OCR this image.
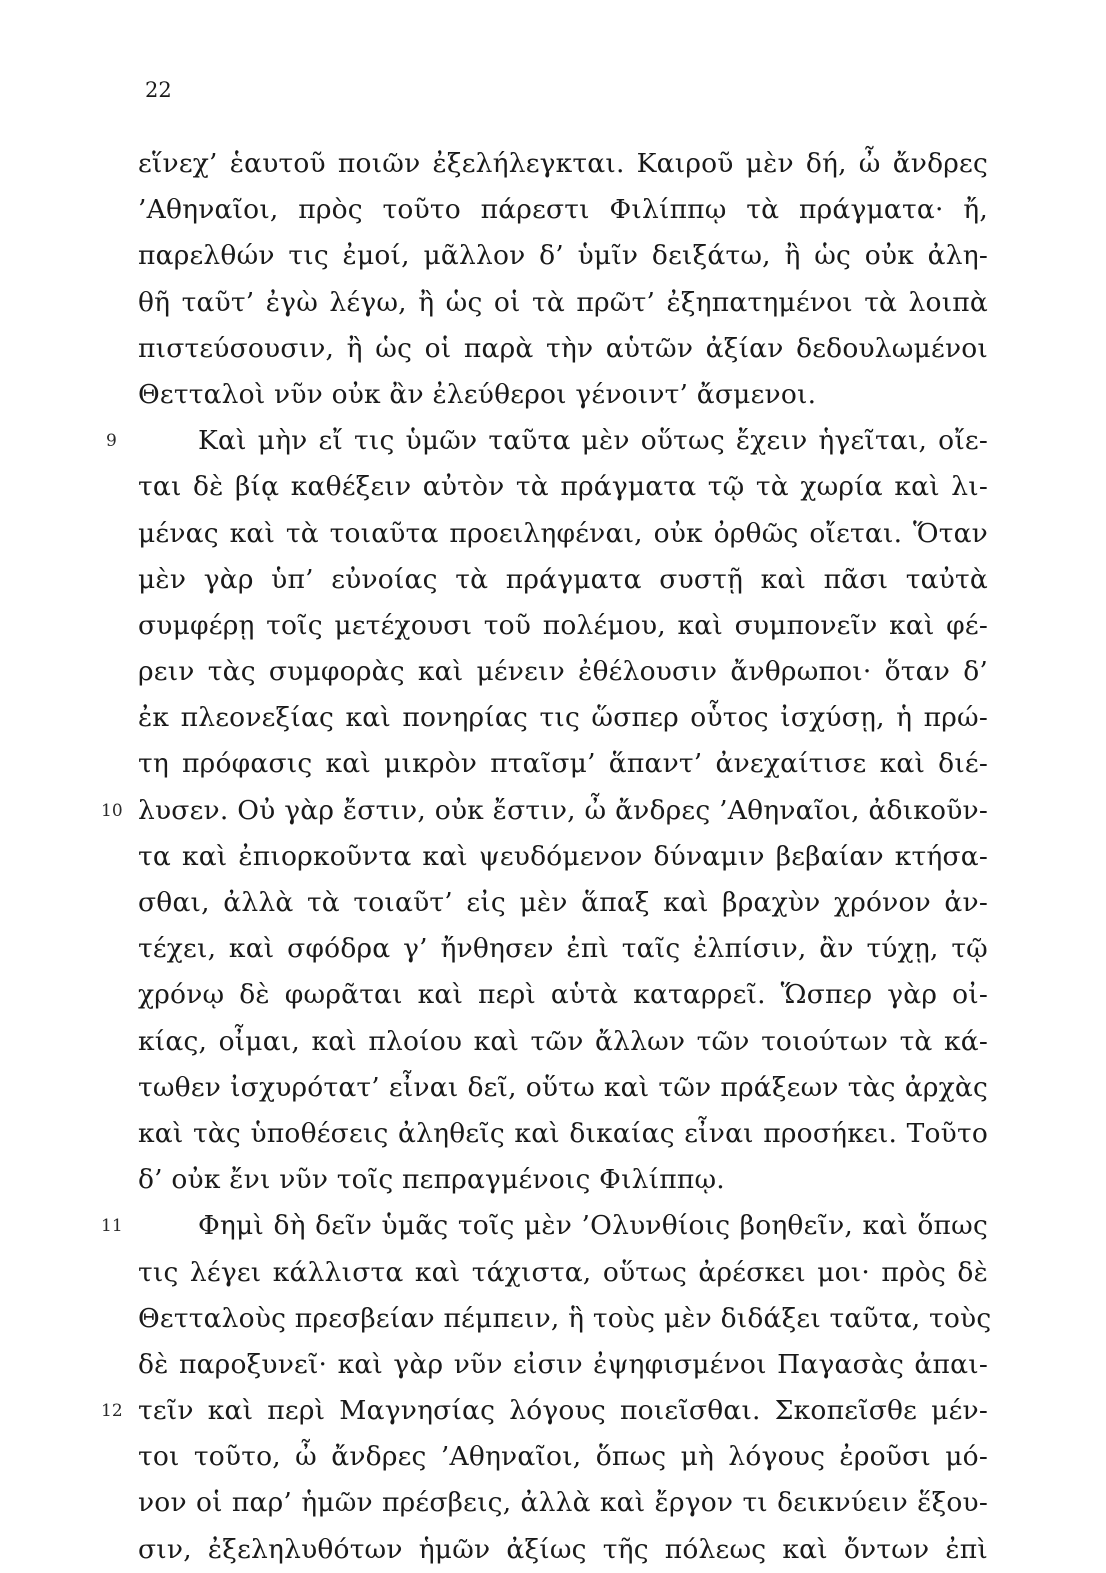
22
εἵνεχ’ ἑαυτοῦ ποιῶν ἐξελήλεγκται. Καιροῦ μὲν δή, ὦ ἄνδρες
’Αθηναῖοι, πρὸς τοῦτο πάρεστι Φιλίππῳ τὰ πράγματα· ἤ,
παρελθών τις ἐμοί, μᾶλλον δ’ ὑμῖν δειξάτω, ἢ ὡς οὐκ ἀλη-
θῆ ταῦτ’ ἐγὼ λέγω, ἢ ὡς οἱ τὰ πρῶτ’ ἐξηπατημένοι τὰ λοιπὰ
πιστεύσουσιν, ἢ ὡς οἱ παρὰ τὴν αὑτῶν ἀξίαν δεδουλωμένοι
Θετταλοὶ νῦν οὐκ ἂν ἐλεύθεροι γένοιντ’ ἄσμενοι.
9	Καὶ μὴν εἴ τις ὑμῶν ταῦτα μὲν οὕτως ἔχειν ἡγεῖται, οἴε-
ται δὲ βίᾳ καθέξειν αὐτὸν τὰ πράγματα τῷ τὰ χωρία καὶ λι-
μένας καὶ τὰ τοιαῦτα προειληφέναι, οὐκ ὀρθῶς οἴεται. Ὅταν
μὲν γὰρ ὑπ’ εὐνοίας τὰ πράγματα συστῇ καὶ πᾶσι ταὐτὰ
συμφέρῃ τοῖς μετέχουσι τοῦ πολέμου, καὶ συμπονεῖν καὶ φέ-
ρειν τὰς συμφορὰς καὶ μένειν ἐθέλουσιν ἄνθρωποι· ὅταν δ’
ἐκ πλεονεξίας καὶ πονηρίας τις ὥσπερ οὗτος ἰσχύσῃ, ἡ πρώ-
τη πρόφασις καὶ μικρὸν πταῖσμ’ ἅπαντ’ ἀνεχαίτισε καὶ διέ-
10 λυσεν. Οὐ γὰρ ἔστιν, οὐκ ἔστιν, ὦ ἄνδρες ’Αθηναῖοι, ἀδικοῦν-
τα καὶ ἐπιορκοῦντα καὶ ψευδόμενον δύναμιν βεβαίαν κτήσα-
σθαι, ἀλλὰ τὰ τοιαῦτ’ εἰς μὲν ἅπαξ καὶ βραχὺν χρόνον ἀν-
τέχει, καὶ σφόδρα γ’ ἤνθησεν ἐπὶ ταῖς ἐλπίσιν, ἂν τύχῃ, τῷ
χρόνῳ δὲ φωρᾶται καὶ περὶ αὑτὰ καταρρεῖ. Ὥσπερ γὰρ οἰ-
κίας, οἶμαι, καὶ πλοίου καὶ τῶν ἄλλων τῶν τοιούτων τὰ κά-
τωθεν ἰσχυρότατ’ εἶναι δεῖ, οὕτω καὶ τῶν πράξεων τὰς ἀρχὰς
καὶ τὰς ὑποθέσεις ἀληθεῖς καὶ δικαίας εἶναι προσήκει. Τοῦτο
δ’ οὐκ ἔνι νῦν τοῖς πεπραγμένοις Φιλίππῳ.
11	Φημὶ δὴ δεῖν ὑμᾶς τοῖς μὲν ’Ολυνθίοις βοηθεῖν, καὶ ὅπως
τις λέγει κάλλιστα καὶ τάχιστα, οὕτως ἀρέσκει μοι· πρὸς δὲ
Θετταλοὺς πρεσβείαν πέμπειν, ἣ τοὺς μὲν διδάξει ταῦτα, τοὺς
δὲ παροξυνεῖ· καὶ γὰρ νῦν εἰσιν ἐψηφισμένοι Παγασὰς ἀπαι-
12 τεῖν καὶ περὶ Μαγνησίας λόγους ποιεῖσθαι. Σκοπεῖσθε μέν-
τοι τοῦτο, ὦ ἄνδρες ’Αθηναῖοι, ὅπως μὴ λόγους ἐροῦσι μό-
νον οἱ παρ’ ἡμῶν πρέσβεις, ἀλλὰ καὶ ἔργον τι δεικνύειν ἕξου-
σιν, ἐξεληλυθότων ἡμῶν ἀξίως τῆς πόλεως καὶ ὄντων ἐπὶ
